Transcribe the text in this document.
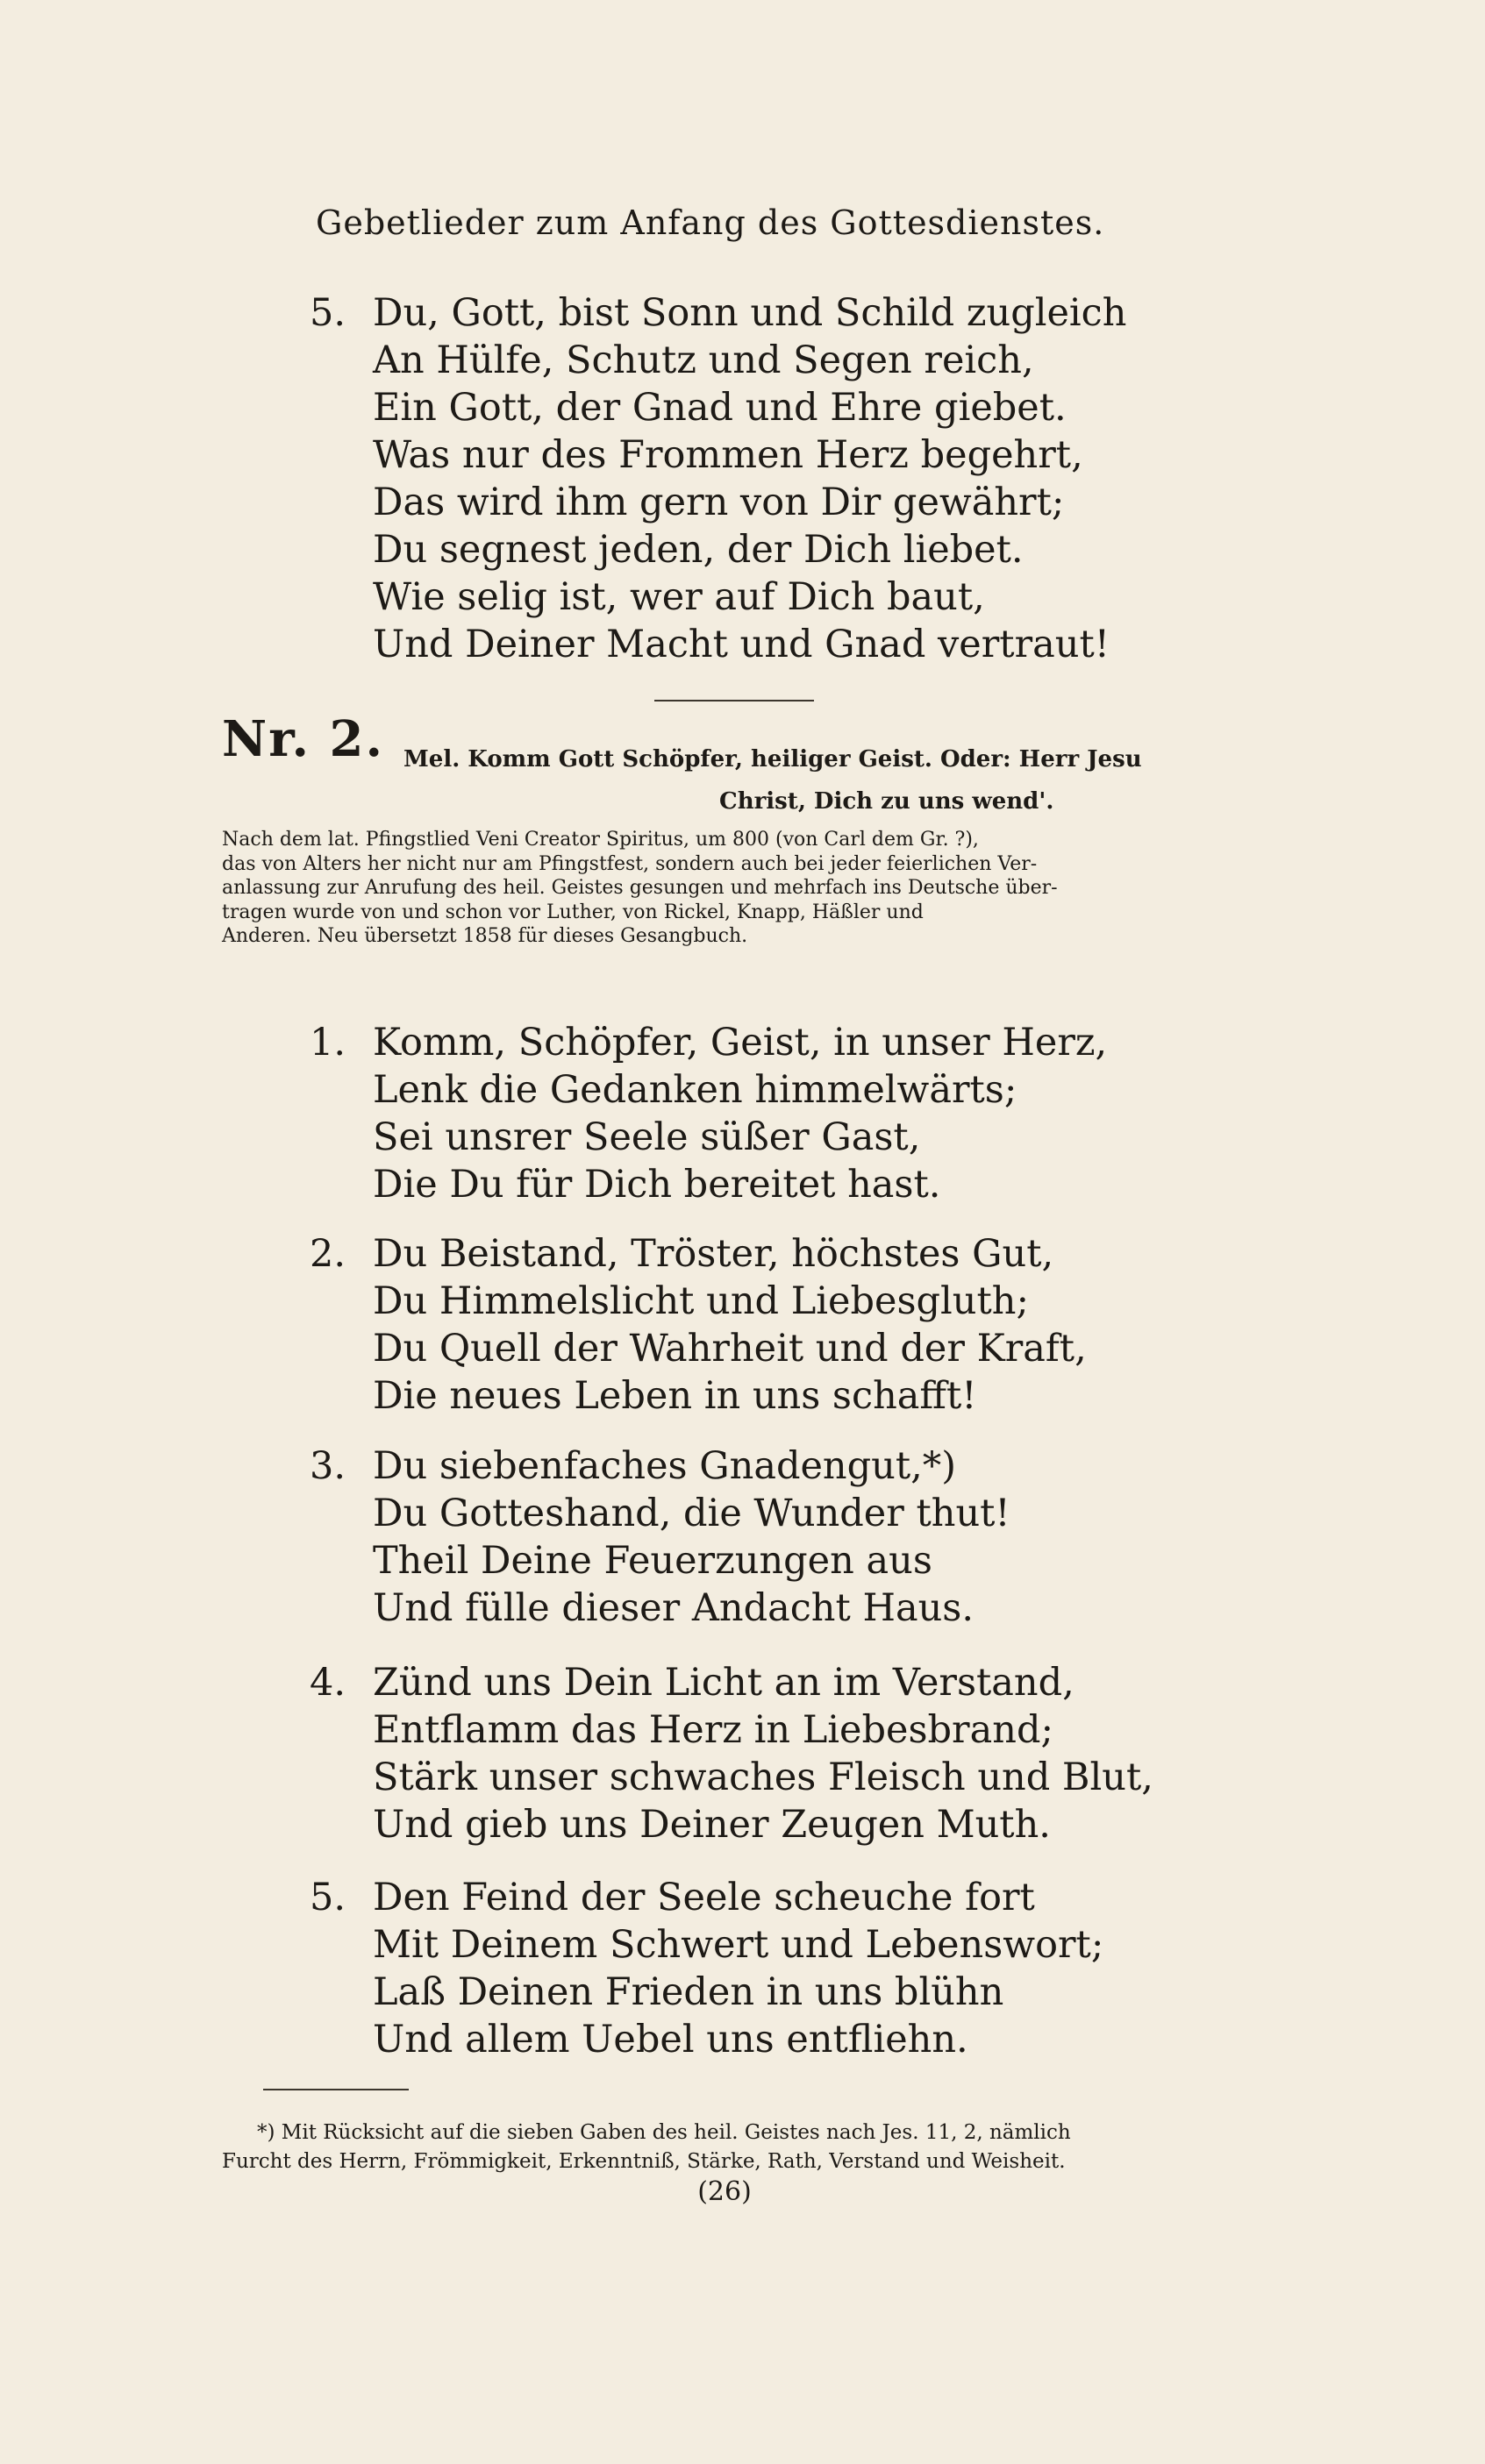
Gebetlieder zum Anfang des Gottesdienstes.
5. Du, Gott, bist Sonn und Schild zugleich
An Hülfe, Schutz und Segen reich,
Ein Gott, der Gnad und Ehre giebet.
Was nur des Frommen Herz begehrt,
Das wird ihm gern von Dir gewährt;
Du segnest jeden, der Dich liebet.
Wie selig ist, wer auf Dich baut,
Und Deiner Macht und Gnad vertraut!
Nr. 2. Mel. Komm Gott Schöpfer, heiliger Geist. Oder: Herr Jesu
Christ, Dich zu uns wend'.
Nach dem lat. Pfingstlied Veni Creator Spiritus, um 800 (von Carl dem Gr. ?),
das von Alters her nicht nur am Pfingstfest, sondern auch bei jeder feierlichen Ver-
anlassung zur Anrufung des heil. Geistes gesungen und mehrfach ins Deutsche über-
tragen wurde von und schon vor Luther, von Rickel, Knapp, Häßler und
Anderen. Neu übersetzt 1858 für dieses Gesangbuch.
1. Komm, Schöpfer, Geist, in unser Herz,
Lenk die Gedanken himmelwärts;
Sei unsrer Seele süßer Gast,
Die Du für Dich bereitet hast.
2. Du Beistand, Tröster, höchstes Gut,
Du Himmelslicht und Liebesgluth;
Du Quell der Wahrheit und der Kraft,
Die neues Leben in uns schafft!
3. Du siebenfaches Gnadengut,*)
Du Gotteshand, die Wunder thut!
Theil Deine Feuerzungen aus
Und fülle dieser Andacht Haus.
4. Zünd uns Dein Licht an im Verstand,
Entflamm das Herz in Liebesbrand;
Stärk unser schwaches Fleisch und Blut,
Und gieb uns Deiner Zeugen Muth.
5. Den Feind der Seele scheuche fort
Mit Deinem Schwert und Lebenswort;
Laß Deinen Frieden in uns blühn
Und allem Uebel uns entfliehn.
*) Mit Rücksicht auf die sieben Gaben des heil. Geistes nach Jes. 11, 2, nämlich
Furcht des Herrn, Frömmigkeit, Erkenntniß, Stärke, Rath, Verstand und Weisheit.
(26)
